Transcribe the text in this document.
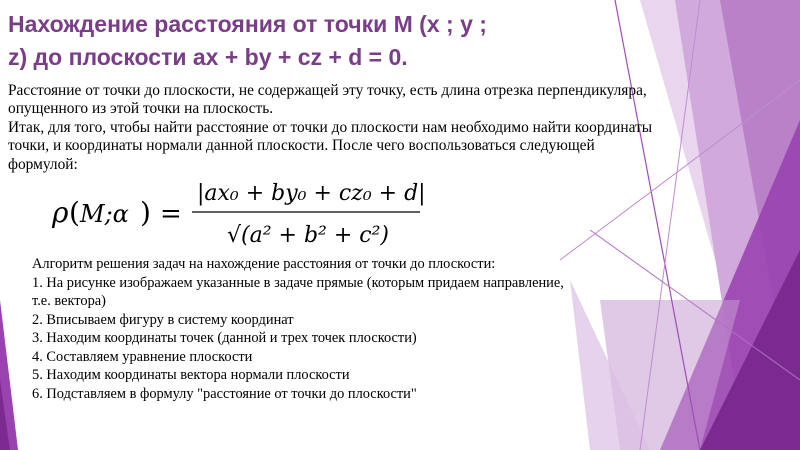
Нахождение расстояния от точки М (х ; у ;
z) до плоскости ax + by + cz + d = 0.

Расстояние от точки до плоскости, не содержащей эту точку, есть длина отрезка перпендикуляра, опущенного из этой точки на плоскость.

Итак, для того, чтобы найти расстояние от точки до плоскости нам необходимо найти координаты точки, и координаты нормали данной плоскости. После чего воспользоваться следующей формулой:

ρ ( M;α ) =
|ax₀ + by₀ + cz₀ + d|
√(a² + b² + c²)
Алгоритм решения задач на нахождение расстояния от точки до плоскости:
1. На рисунке изображаем указанные в задаче прямые (которым придаем направление, т.е. вектора)
2. Вписываем фигуру в систему координат
3. Находим координаты точек (данной и трех точек плоскости)
4. Составляем уравнение плоскости
5. Находим координаты вектора нормали плоскости
6. Подставляем в формулу "расстояние от точки до плоскости"
